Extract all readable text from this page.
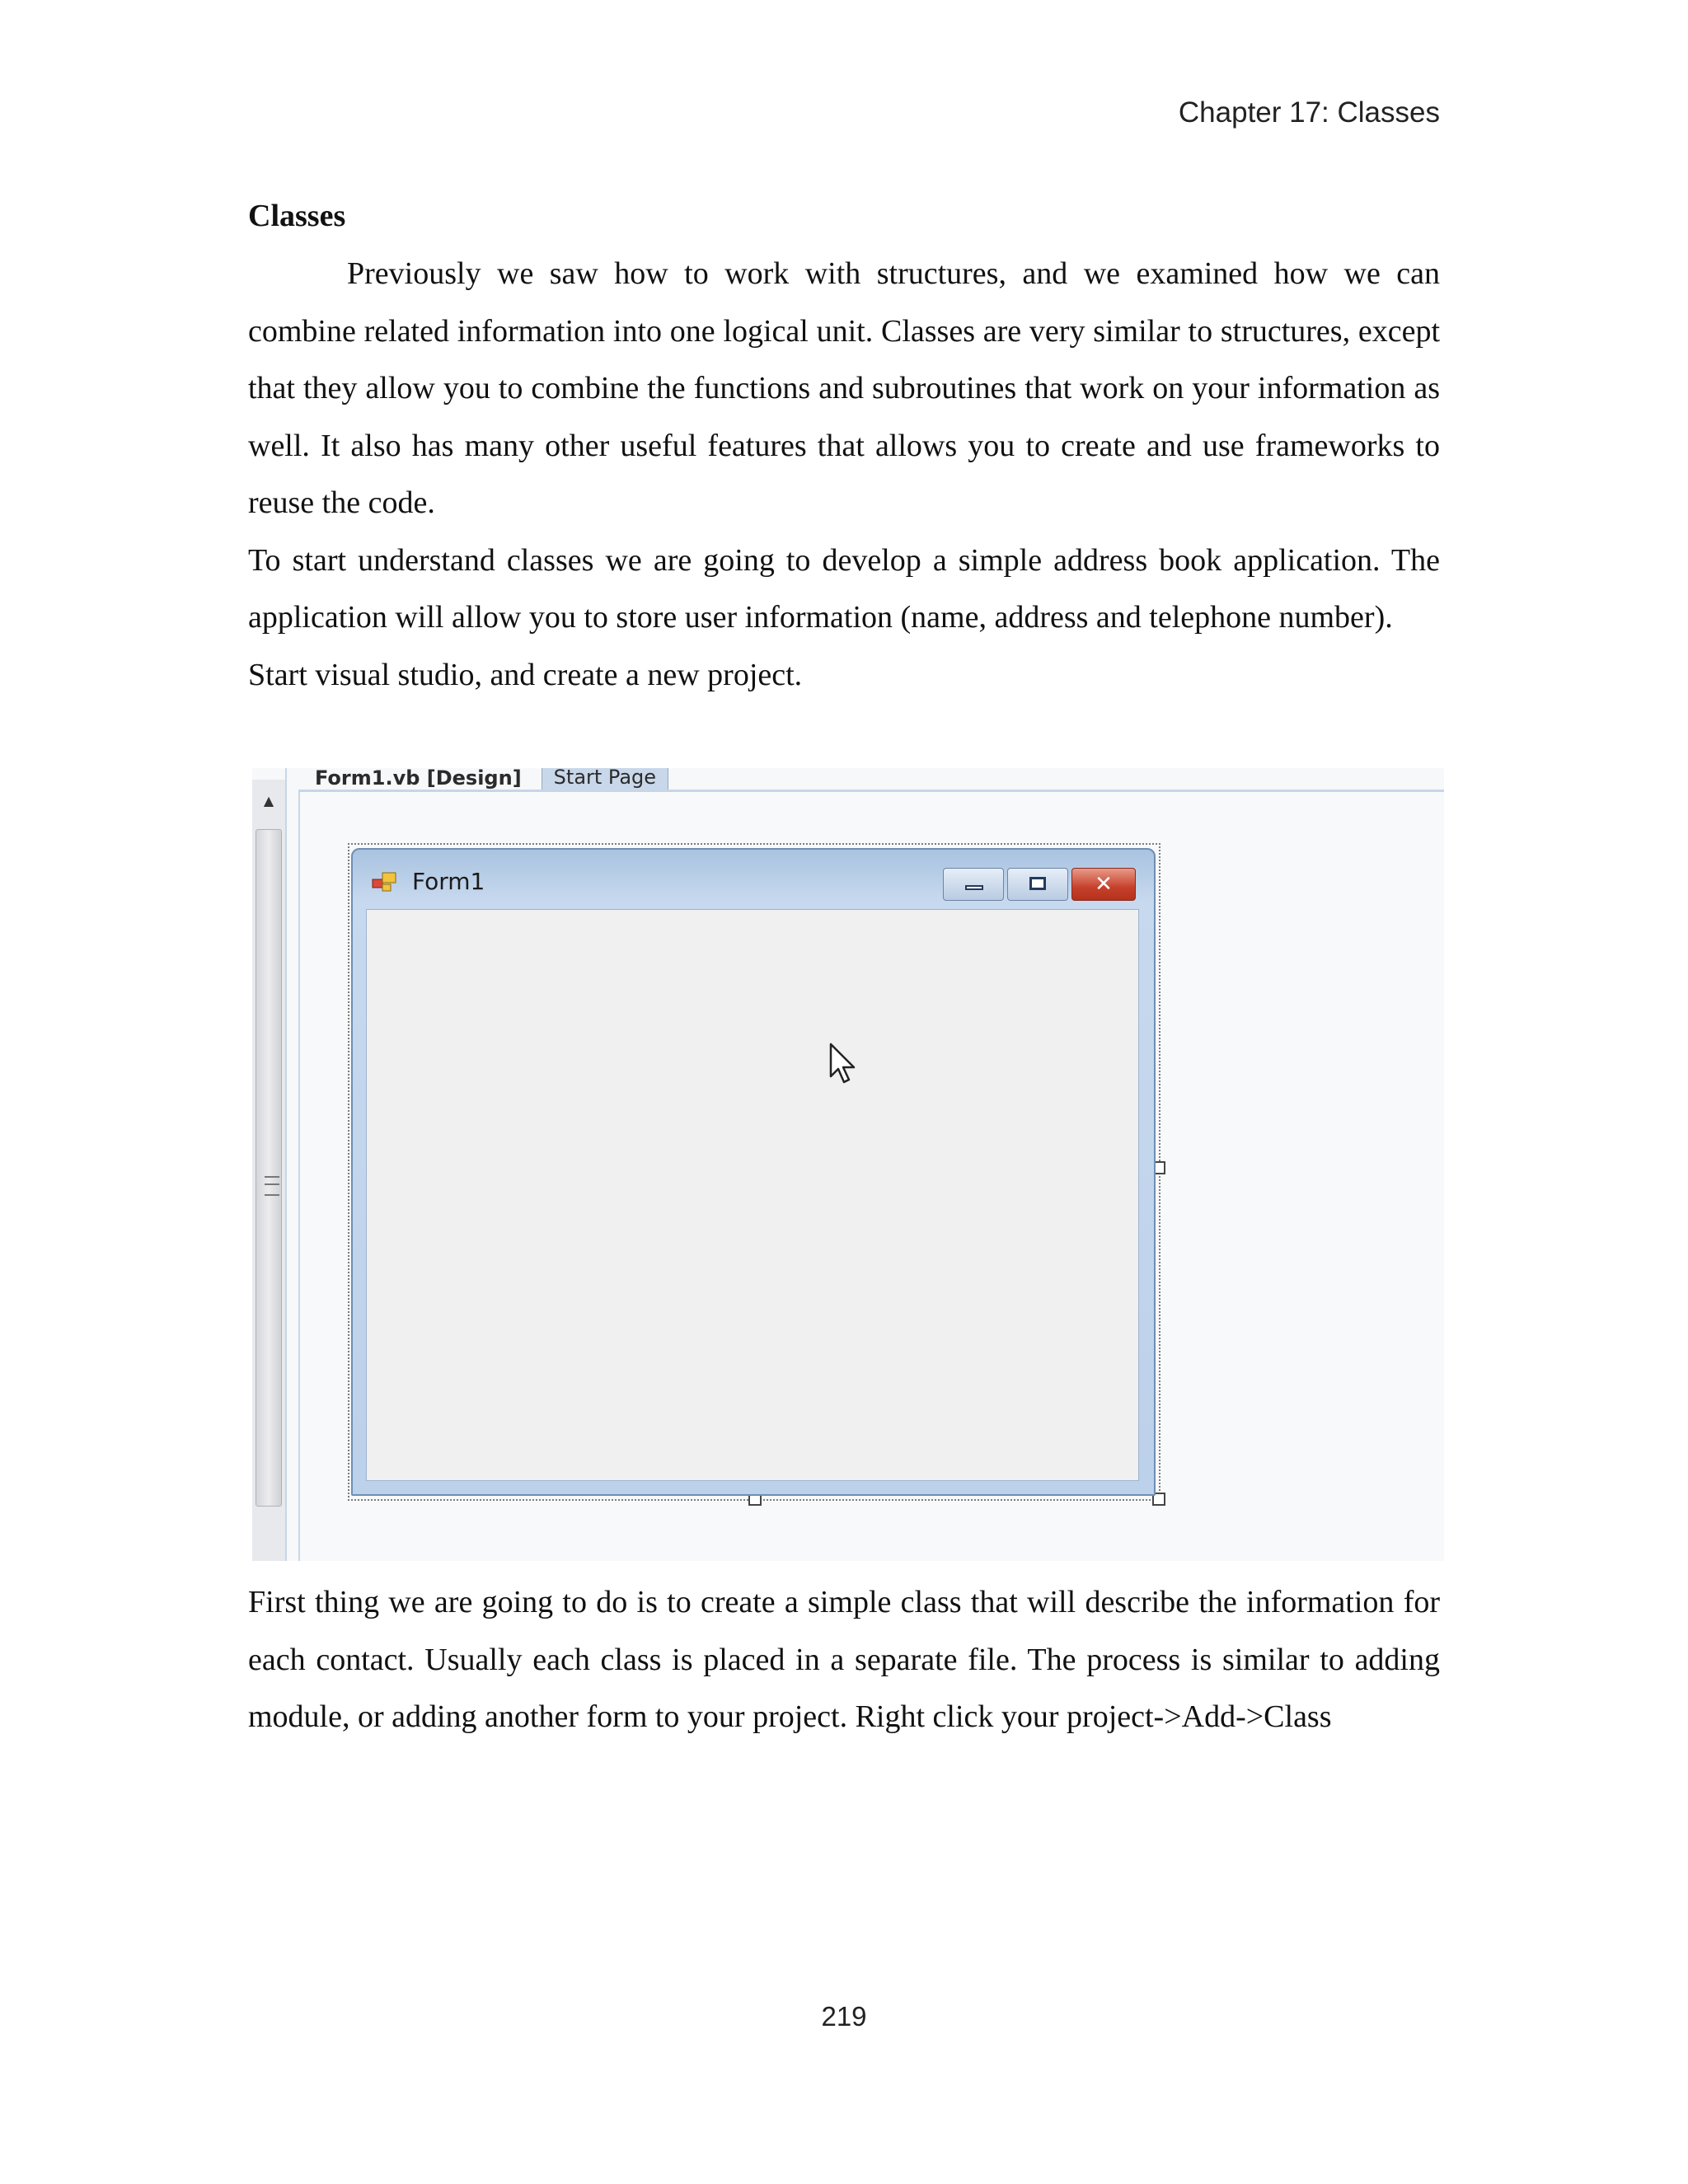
Chapter 17: Classes
Classes

Previously we saw how to work with structures, and we examined how we can combine related information into one logical unit. Classes are very similar to structures, except that they allow you to combine the functions and subroutines that work on your information as well. It also has many other useful features that allows you to create and use frameworks to reuse the code.

To start understand classes we are going to develop a simple address book application. The application will allow you to store user information (name, address and telephone number).

Start visual studio, and create a new project.

▲
Form1.vb [Design] Start Page
Form1	✕

First thing we are going to do is to create a simple class that will describe the information for each contact. Usually each class is placed in a separate file. The process is similar to adding module, or adding another form to your project. Right click your project->Add->Class

219
